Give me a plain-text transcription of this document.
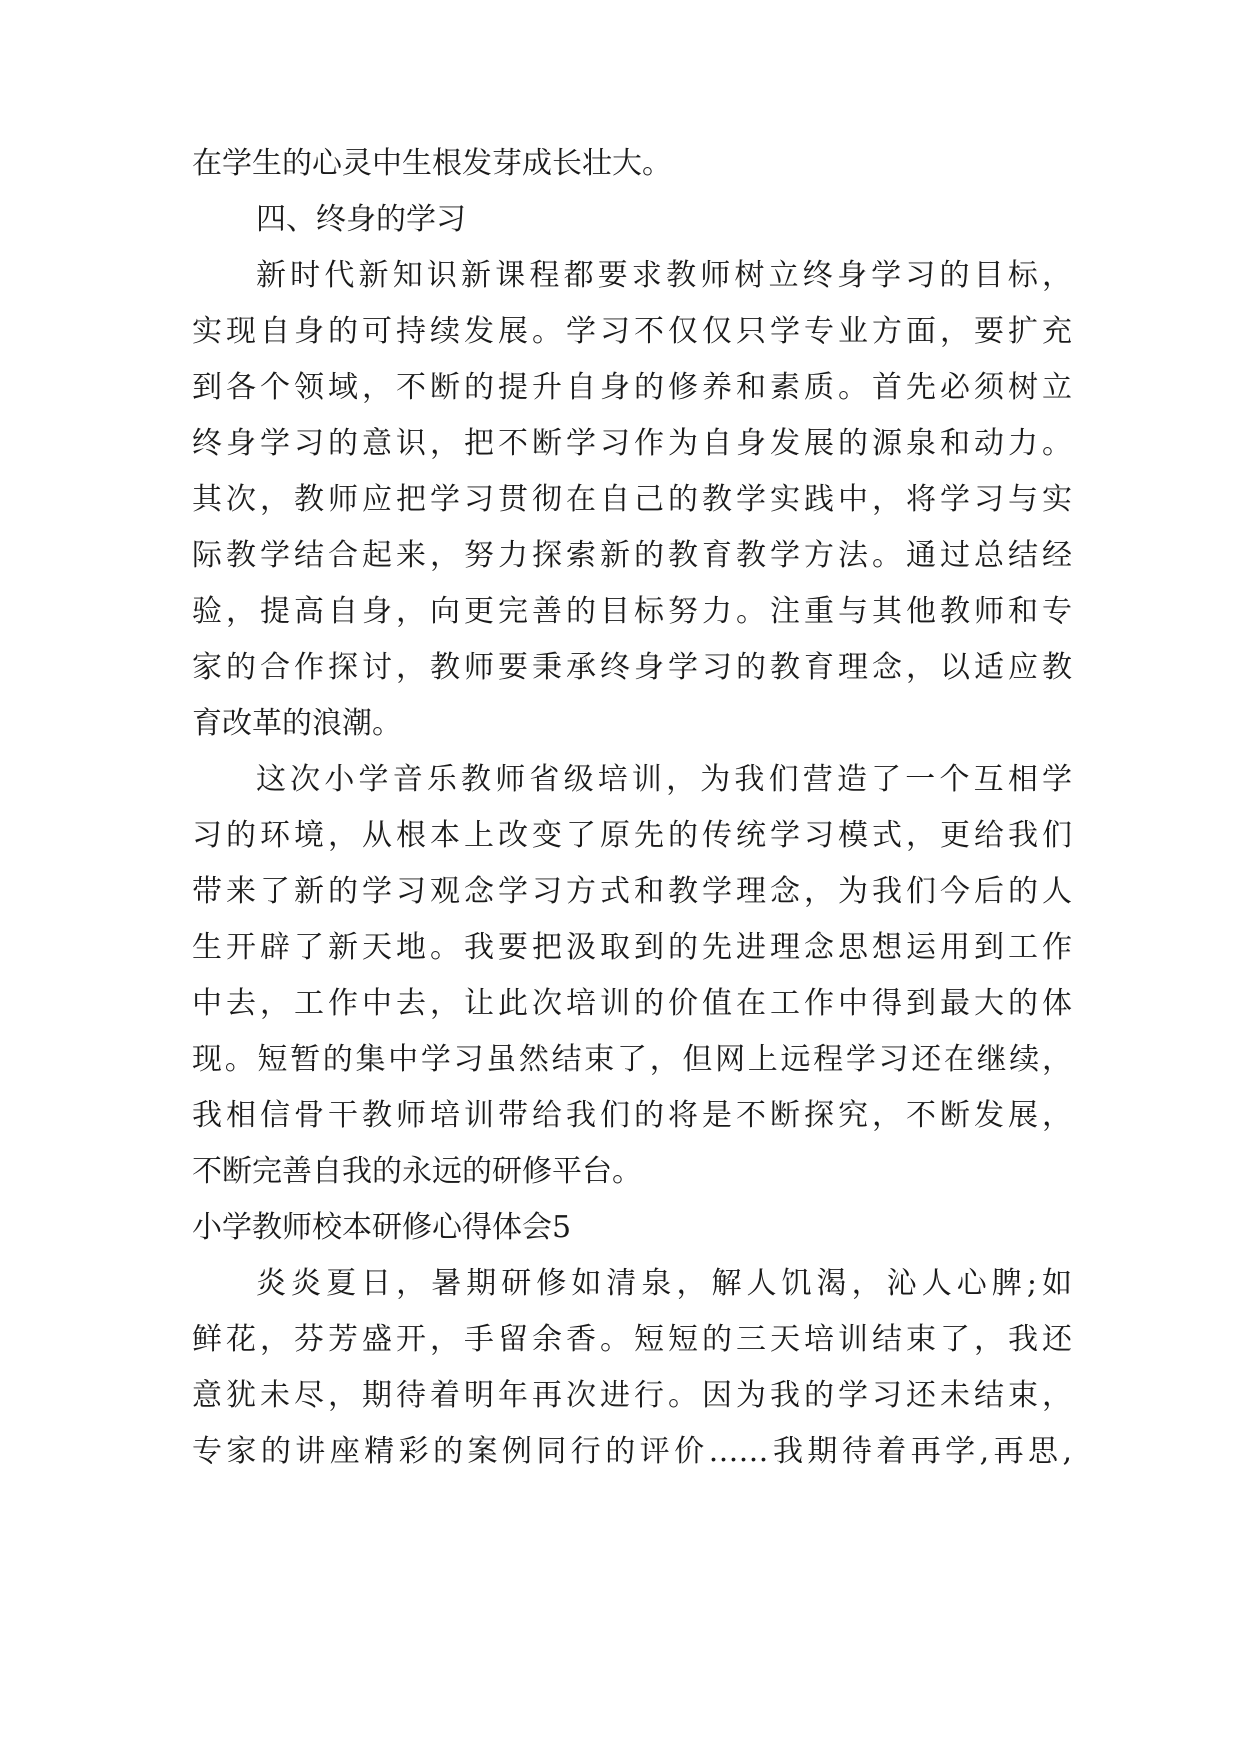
在学生的心灵中生根发芽成长壮大。
四、终身的学习
新时代新知识新课程都要求教师树立终身学习的目标，
实现自身的可持续发展。学习不仅仅只学专业方面，要扩充
到各个领域，不断的提升自身的修养和素质。首先必须树立
终身学习的意识，把不断学习作为自身发展的源泉和动力。
其次，教师应把学习贯彻在自己的教学实践中，将学习与实
际教学结合起来，努力探索新的教育教学方法。通过总结经
验，提高自身，向更完善的目标努力。注重与其他教师和专
家的合作探讨，教师要秉承终身学习的教育理念，以适应教
育改革的浪潮。
这次小学音乐教师省级培训，为我们营造了一个互相学
习的环境，从根本上改变了原先的传统学习模式，更给我们
带来了新的学习观念学习方式和教学理念，为我们今后的人
生开辟了新天地。我要把汲取到的先进理念思想运用到工作
中去，工作中去，让此次培训的价值在工作中得到最大的体
现。短暂的集中学习虽然结束了，但网上远程学习还在继续，
我相信骨干教师培训带给我们的将是不断探究，不断发展，
不断完善自我的永远的研修平台。
小学教师校本研修心得体会5
炎炎夏日，暑期研修如清泉，解人饥渴，沁人心脾;如
鲜花，芬芳盛开，手留余香。短短的三天培训结束了，我还
意犹未尽，期待着明年再次进行。因为我的学习还未结束，
专家的讲座精彩的案例同行的评价……我期待着再学,再思,
